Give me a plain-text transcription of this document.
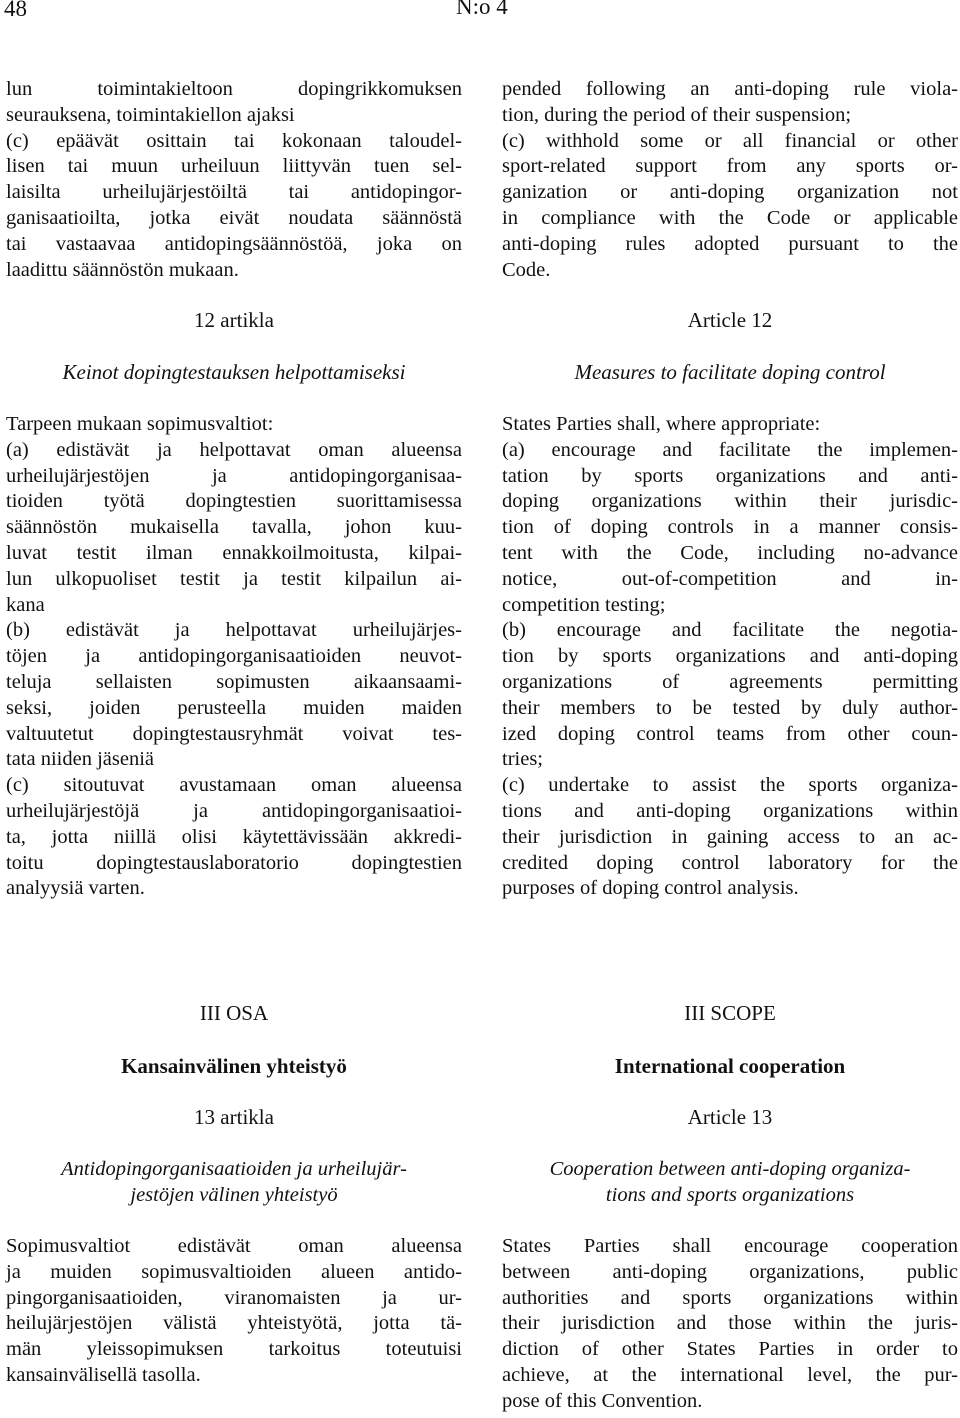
48	N:o 4

lun toimintakieltoon dopingrikkomuksen

seurauksena, toimintakiellon ajaksi

(c) epäävät osittain tai kokonaan taloudel-

lisen tai muun urheiluun liittyvän tuen sel-

laisilta urheilujärjestöiltä tai antidopingor-

ganisaatioilta, jotka eivät noudata säännöstä

tai vastaavaa antidopingsäännöstöä, joka on

laadittu säännöstön mukaan.

12 artikla
Keinot dopingtestauksen helpottamiseksi

Tarpeen mukaan sopimusvaltiot:

(a) edistävät ja helpottavat oman alueensa

urheilujärjestöjen ja antidopingorganisaa-

tioiden työtä dopingtestien suorittamisessa

säännöstön mukaisella tavalla, johon kuu-

luvat testit ilman ennakkoilmoitusta, kilpai-

lun ulkopuoliset testit ja testit kilpailun ai-

kana

(b) edistävät ja helpottavat urheilujärjes-

töjen ja antidopingorganisaatioiden neuvot-

teluja sellaisten sopimusten aikaansaami-

seksi, joiden perusteella muiden maiden

valtuutetut dopingtestausryhmät voivat tes-

tata niiden jäseniä

(c) sitoutuvat avustamaan oman alueensa

urheilujärjestöjä ja antidopingorganisaatioi-

ta, jotta niillä olisi käytettävissään akkredi-

toitu dopingtestauslaboratorio dopingtestien

analyysiä varten.

III OSA
Kansainvälinen yhteistyö
13 artikla

Antidopingorganisaatioiden ja urheilujär-

jestöjen välinen yhteistyö

Sopimusvaltiot edistävät oman alueensa

ja muiden sopimusvaltioiden alueen antido-

pingorganisaatioiden, viranomaisten ja ur-

heilujärjestöjen välistä yhteistyötä, jotta tä-

män yleissopimuksen tarkoitus toteutuisi

kansainvälisellä tasolla.

pended following an anti-doping rule viola-

tion, during the period of their suspension;

(c) withhold some or all financial or other

sport-related support from any sports or-

ganization or anti-doping organization not

in compliance with the Code or applicable

anti-doping rules adopted pursuant to the

Code.

Article 12
Measures to facilitate doping control

States Parties shall, where appropriate:

(a) encourage and facilitate the implemen-

tation by sports organizations and anti-

doping organizations within their jurisdic-

tion of doping controls in a manner consis-

tent with the Code, including no-advance

notice, out-of-competition and in-

competition testing;

(b) encourage and facilitate the negotia-

tion by sports organizations and anti-doping

organizations of agreements permitting

their members to be tested by duly author-

ized doping control teams from other coun-

tries;

(c) undertake to assist the sports organiza-

tions and anti-doping organizations within

their jurisdiction in gaining access to an ac-

credited doping control laboratory for the

purposes of doping control analysis.

III SCOPE
International cooperation
Article 13

Cooperation between anti-doping organiza-

tions and sports organizations

States Parties shall encourage cooperation

between anti-doping organizations, public

authorities and sports organizations within

their jurisdiction and those within the juris-

diction of other States Parties in order to

achieve, at the international level, the pur-

pose of this Convention.
